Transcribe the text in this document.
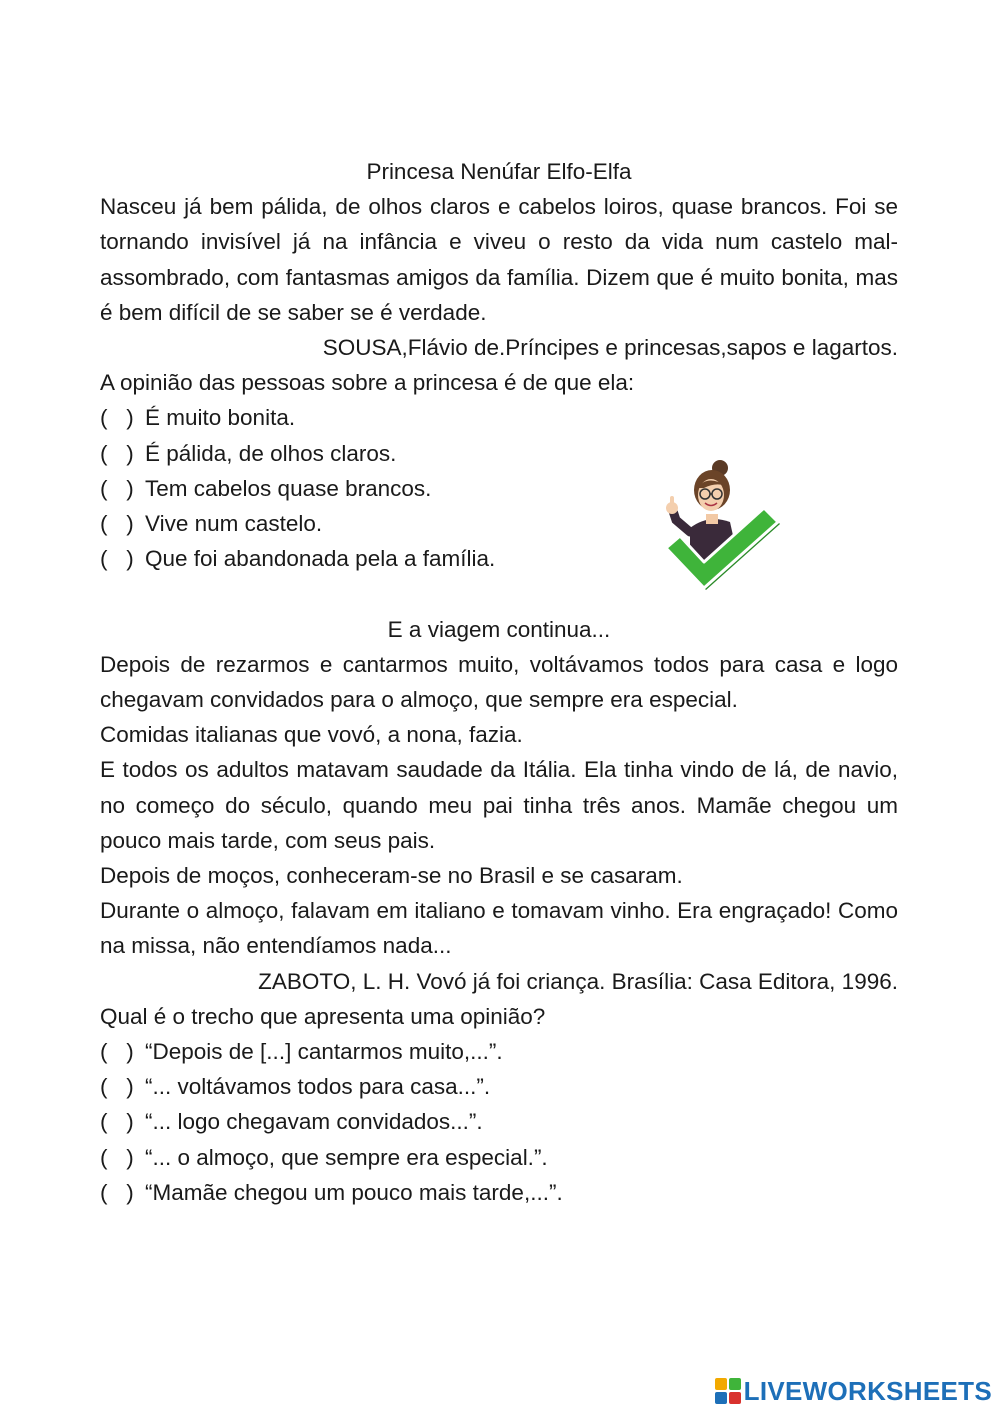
Princesa Nenúfar Elfo-Elfa

Nasceu já bem pálida, de olhos claros e cabelos loiros, quase brancos. Foi se tornando invisível já na infância e viveu o resto da vida num castelo mal-assombrado, com fantasmas amigos da família. Dizem que é muito bonita, mas é bem difícil de se saber se é verdade.

SOUSA,Flávio de.Príncipes e princesas,sapos e lagartos.

A opinião das pessoas sobre a princesa é de que ela:

(   ) É muito bonita.
(   ) É pálida, de olhos claros.
(   ) Tem cabelos quase brancos.
(   ) Vive num castelo.
(   ) Que foi abandonada pela a família.

E a viagem continua...

Depois de rezarmos e cantarmos muito, voltávamos todos para casa e logo chegavam convidados para o almoço, que sempre era especial.

Comidas italianas que vovó, a nona, fazia.

E todos os adultos matavam saudade da Itália. Ela tinha vindo de lá, de navio, no começo do século, quando meu pai tinha três anos. Mamãe chegou um pouco mais tarde, com seus pais.

Depois de moços, conheceram-se no Brasil e se casaram.

Durante o almoço, falavam em italiano e tomavam vinho. Era engraçado! Como na missa, não entendíamos nada...

ZABOTO, L. H. Vovó já foi criança. Brasília: Casa Editora, 1996.

Qual é o trecho que apresenta uma opinião?

(   ) “Depois de [...] cantarmos muito,...”.
(   ) “... voltávamos todos para casa...”.
(   ) “... logo chegavam convidados...”.
(   ) “... o almoço, que sempre era especial.”.
(   ) “Mamãe chegou um pouco mais tarde,...”.
LIVEWORKSHEETS
